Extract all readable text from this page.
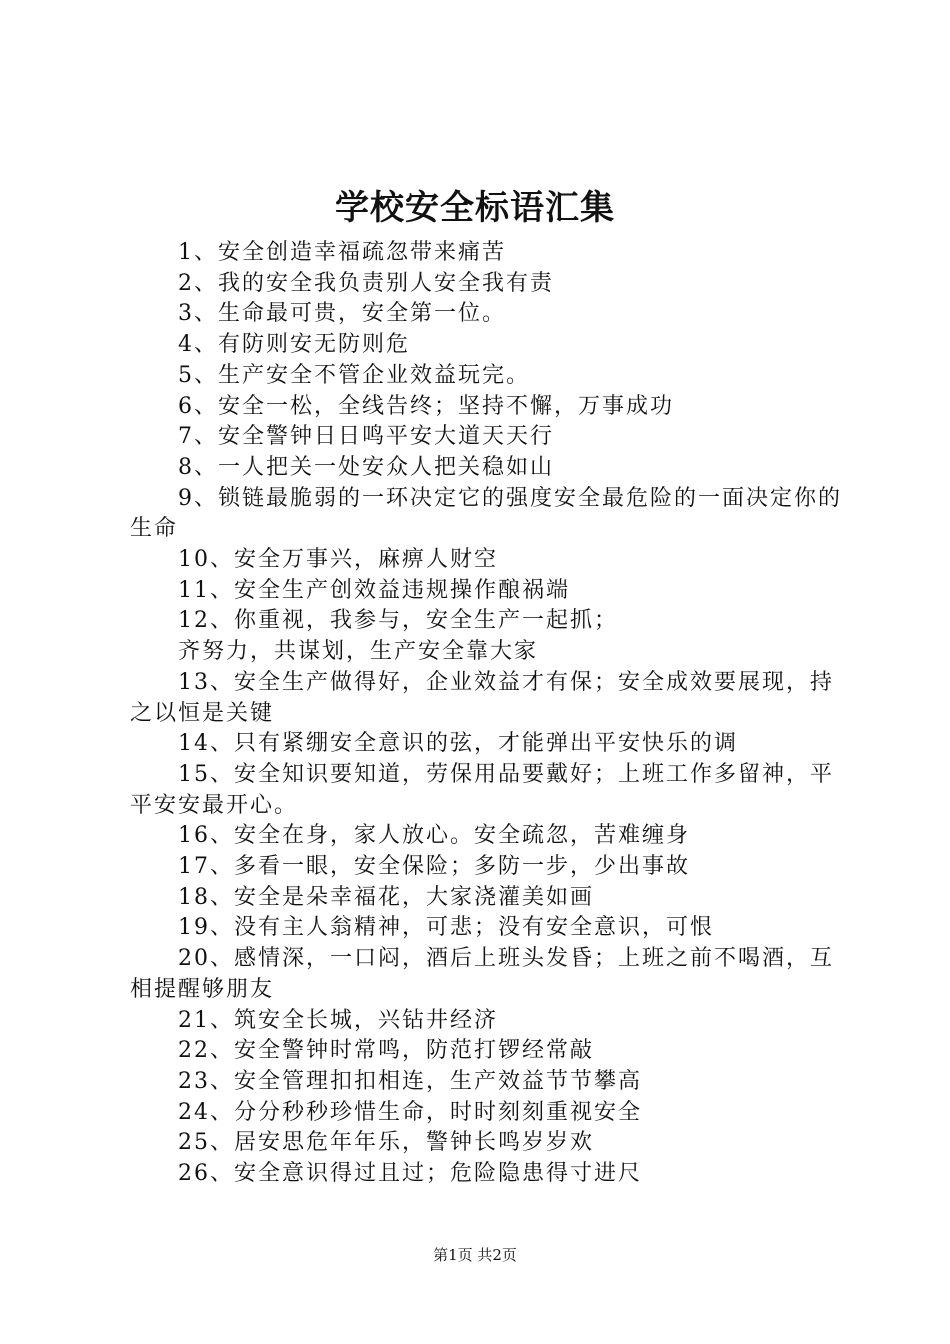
学校安全标语汇集

1、安全创造幸福疏忽带来痛苦

2、我的安全我负责别人安全我有责

3、生命最可贵，安全第一位。

4、有防则安无防则危

5、生产安全不管企业效益玩完。

6、安全一松，全线告终；坚持不懈，万事成功

7、安全警钟日日鸣平安大道天天行

8、一人把关一处安众人把关稳如山

9、锁链最脆弱的一环决定它的强度安全最危险的一面决定你的生命

10、安全万事兴，麻痹人财空

11、安全生产创效益违规操作酿祸端

12、你重视，我参与，安全生产一起抓；

齐努力，共谋划，生产安全靠大家

13、安全生产做得好，企业效益才有保；安全成效要展现，持之以恒是关键

14、只有紧绷安全意识的弦，才能弹出平安快乐的调

15、安全知识要知道，劳保用品要戴好；上班工作多留神，平平安安最开心。

16、安全在身，家人放心。安全疏忽，苦难缠身

17、多看一眼，安全保险；多防一步，少出事故

18、安全是朵幸福花，大家浇灌美如画

19、没有主人翁精神，可悲；没有安全意识，可恨

20、感情深，一口闷，酒后上班头发昏；上班之前不喝酒，互相提醒够朋友

21、筑安全长城，兴钻井经济

22、安全警钟时常鸣，防范打锣经常敲

23、安全管理扣扣相连，生产效益节节攀高

24、分分秒秒珍惜生命，时时刻刻重视安全

25、居安思危年年乐，警钟长鸣岁岁欢

26、安全意识得过且过；危险隐患得寸进尺

第1页 共2页
